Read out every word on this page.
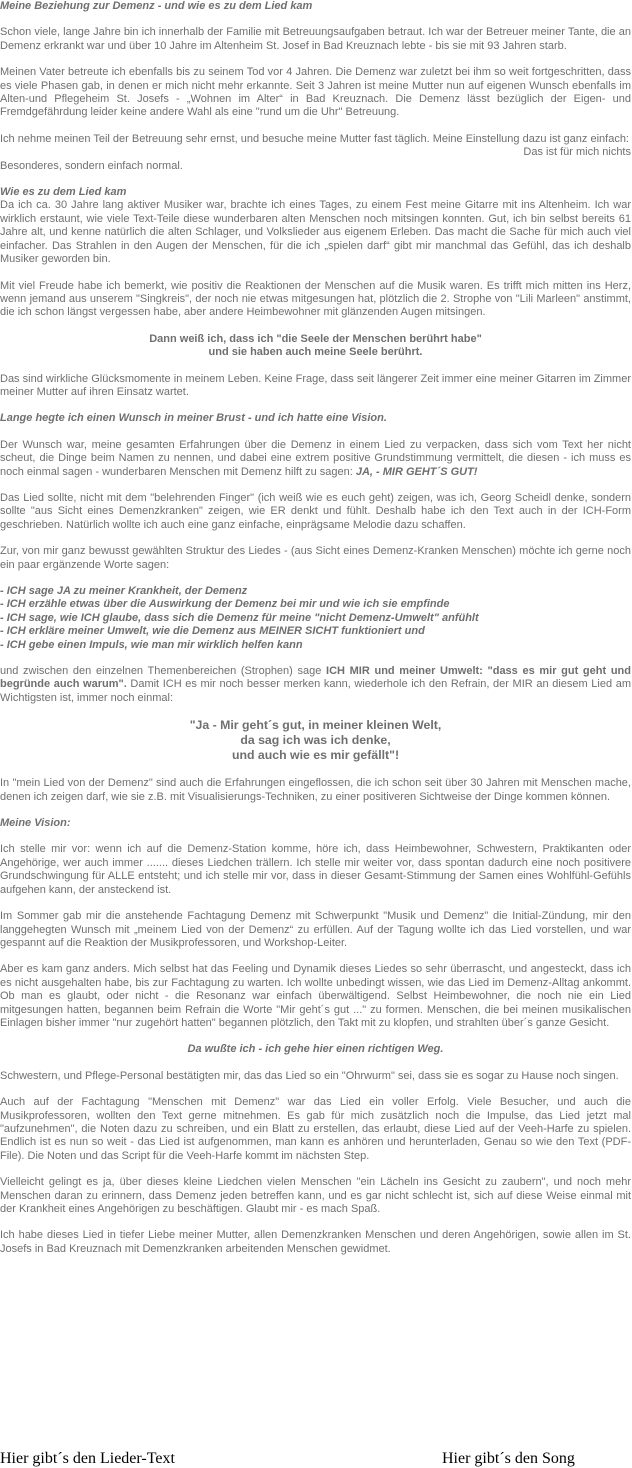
Meine Beziehung zur Demenz - und wie es zu dem Lied kam

Schon viele, lange Jahre bin ich innerhalb der Familie mit Betreuungsaufgaben betraut. Ich war der Betreuer meiner Tante, die an Demenz erkrankt war und über 10 Jahre im Altenheim St. Josef in Bad Kreuznach lebte - bis sie mit 93 Jahren starb.

Meinen Vater betreute ich ebenfalls bis zu seinem Tod vor 4 Jahren. Die Demenz war zuletzt bei ihm so weit fortgeschritten, dass es viele Phasen gab, in denen er mich nicht mehr erkannte. Seit 3 Jahren ist meine Mutter nun auf eigenen Wunsch ebenfalls im Alten-und Pflegeheim St. Josefs - „Wohnen im Alter“ in Bad Kreuznach. Die Demenz lässt bezüglich der Eigen- und Fremdgefährdung leider keine andere Wahl als eine "rund um die Uhr" Betreuung.

Ich nehme meinen Teil der Betreuung sehr ernst, und besuche meine Mutter fast täglich. Meine Einstellung dazu ist ganz einfach:
Das ist für mich nichts
Besonderes, sondern einfach normal.

Wie es zu dem Lied kam
Da ich ca. 30 Jahre lang aktiver Musiker war, brachte ich eines Tages, zu einem Fest meine Gitarre mit ins Altenheim. Ich war wirklich erstaunt, wie viele Text-Teile diese wunderbaren alten Menschen noch mitsingen konnten. Gut, ich bin selbst bereits 61 Jahre alt, und kenne natürlich die alten Schlager, und Volkslieder aus eigenem Erleben. Das macht die Sache für mich auch viel einfacher. Das Strahlen in den Augen der Menschen, für die ich „spielen darf“ gibt mir manchmal das Gefühl, das ich deshalb Musiker geworden bin.

Mit viel Freude habe ich bemerkt, wie positiv die Reaktionen der Menschen auf die Musik waren. Es trifft mich mitten ins Herz, wenn jemand aus unserem "Singkreis", der noch nie etwas mitgesungen hat, plötzlich die 2. Strophe von "Lili Marleen" anstimmt, die ich schon längst vergessen habe, aber andere Heimbewohner mit glänzenden Augen mitsingen.

Dann weiß ich, dass ich "die Seele der Menschen berührt habe"
und sie haben auch meine Seele berührt.

Das sind wirkliche Glücksmomente in meinem Leben. Keine Frage, dass seit längerer Zeit immer eine meiner Gitarren im Zimmer meiner Mutter auf ihren Einsatz wartet.

Lange hegte ich einen Wunsch in meiner Brust - und ich hatte eine Vision.

Der Wunsch war, meine gesamten Erfahrungen über die Demenz in einem Lied zu verpacken, dass sich vom Text her nicht scheut, die Dinge beim Namen zu nennen, und dabei eine extrem positive Grundstimmung vermittelt, die diesen - ich muss es noch einmal sagen - wunderbaren Menschen mit Demenz hilft zu sagen: JA, - MIR GEHT´S GUT!

Das Lied sollte, nicht mit dem "belehrenden Finger" (ich weiß wie es euch geht) zeigen, was ich, Georg Scheidl denke, sondern sollte "aus Sicht eines Demenzkranken" zeigen, wie ER denkt und fühlt. Deshalb habe ich den Text auch in der ICH-Form geschrieben. Natürlich wollte ich auch eine ganz einfache, einprägsame Melodie dazu schaffen.

Zur, von mir ganz bewusst gewählten Struktur des Liedes - (aus Sicht eines Demenz-Kranken Menschen) möchte ich gerne noch ein paar ergänzende Worte sagen:

- ICH sage JA zu meiner Krankheit, der Demenz
- ICH erzähle etwas über die Auswirkung der Demenz bei mir und wie ich sie empfinde
- ICH sage, wie ICH glaube, dass sich die Demenz für meine "nicht Demenz-Umwelt" anfühlt
- ICH erkläre meiner Umwelt, wie die Demenz aus MEINER SICHT funktioniert und
- ICH gebe einen Impuls, wie man mir wirklich helfen kann

und zwischen den einzelnen Themenbereichen (Strophen) sage ICH MIR und meiner Umwelt: "dass es mir gut geht und begründe auch warum". Damit ICH es mir noch besser merken kann, wiederhole ich den Refrain, der MIR an diesem Lied am Wichtigsten ist, immer noch einmal:

"Ja - Mir geht´s gut, in meiner kleinen Welt,
da sag ich was ich denke,
und auch wie es mir gefällt"!

In "mein Lied von der Demenz" sind auch die Erfahrungen eingeflossen, die ich schon seit über 30 Jahren mit Menschen mache, denen ich zeigen darf, wie sie z.B. mit Visualisierungs-Techniken, zu einer positiveren Sichtweise der Dinge kommen können.

Meine Vision:

Ich stelle mir vor: wenn ich auf die Demenz-Station komme, höre ich, dass Heimbewohner, Schwestern, Praktikanten oder Angehörige, wer auch immer ....... dieses Liedchen trällern. Ich stelle mir weiter vor, dass spontan dadurch eine noch positivere Grundschwingung für ALLE entsteht; und ich stelle mir vor, dass in dieser Gesamt-Stimmung der Samen eines Wohlfühl-Gefühls aufgehen kann, der ansteckend ist.

Im Sommer gab mir die anstehende Fachtagung Demenz mit Schwerpunkt "Musik und Demenz" die Initial-Zündung, mir den langgehegten Wunsch mit „meinem Lied von der Demenz“ zu erfüllen. Auf der Tagung wollte ich das Lied vorstellen, und war gespannt auf die Reaktion der Musikprofessoren, und Workshop-Leiter.

Aber es kam ganz anders. Mich selbst hat das Feeling und Dynamik dieses Liedes so sehr überrascht, und angesteckt, dass ich es nicht ausgehalten habe, bis zur Fachtagung zu warten. Ich wollte unbedingt wissen, wie das Lied im Demenz-Alltag ankommt. Ob man es glaubt, oder nicht - die Resonanz war einfach überwältigend. Selbst Heimbewohner, die noch nie ein Lied mitgesungen hatten, begannen beim Refrain die Worte "Mir geht´s gut ..." zu formen. Menschen, die bei meinen musikalischen Einlagen bisher immer "nur zugehört hatten" begannen plötzlich, den Takt mit zu klopfen, und strahlten über´s ganze Gesicht.

Da wußte ich - ich gehe hier einen richtigen Weg.

Schwestern, und Pflege-Personal bestätigten mir, das das Lied so ein "Ohrwurm" sei, dass sie es sogar zu Hause noch singen.

Auch auf der Fachtagung "Menschen mit Demenz" war das Lied ein voller Erfolg. Viele Besucher, und auch die Musikprofessoren, wollten den Text gerne mitnehmen. Es gab für mich zusätzlich noch die Impulse, das Lied jetzt mal "aufzunehmen", die Noten dazu zu schreiben, und ein Blatt zu erstellen, das erlaubt, diese Lied auf der Veeh-Harfe zu spielen. Endlich ist es nun so weit - das Lied ist aufgenommen, man kann es anhören und herunterladen, Genau so wie den Text (PDF-File). Die Noten und das Script für die Veeh-Harfe kommt im nächsten Step.

Vielleicht gelingt es ja, über dieses kleine Liedchen vielen Menschen "ein Lächeln ins Gesicht zu zaubern", und noch mehr Menschen daran zu erinnern, dass Demenz jeden betreffen kann, und es gar nicht schlecht ist, sich auf diese Weise einmal mit der Krankheit eines Angehörigen zu beschäftigen. Glaubt mir - es mach Spaß.

Ich habe dieses Lied in tiefer Liebe meiner Mutter, allen Demenzkranken Menschen und deren Angehörigen, sowie allen im St. Josefs in Bad Kreuznach mit Demenzkranken arbeitenden Menschen gewidmet.

Hier gibt´s den Lieder-Text	Hier gibt´s den Song
